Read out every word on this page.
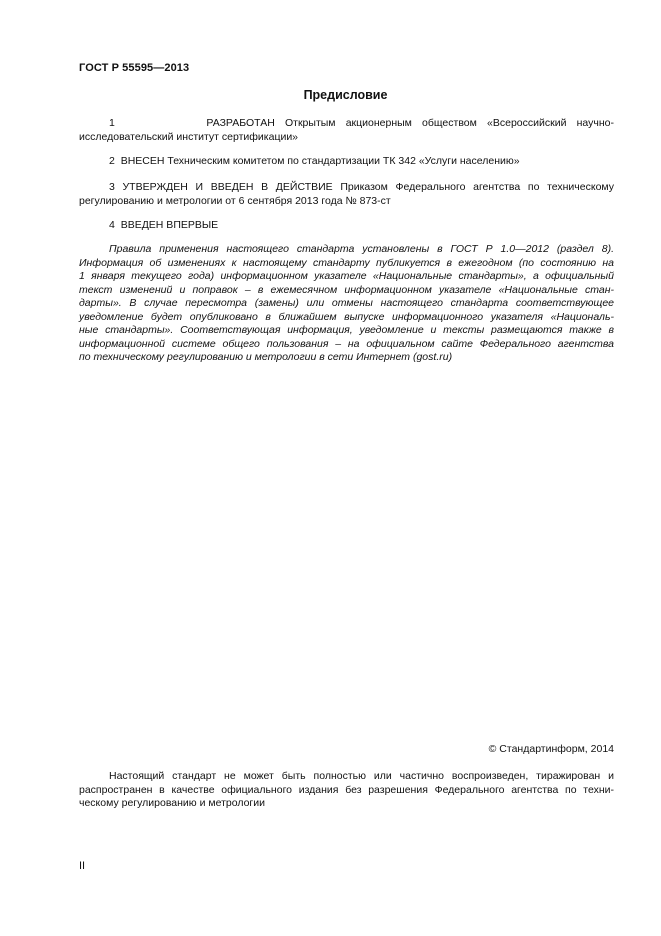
ГОСТ Р 55595—2013
Предисловие

1	РАЗРАБОТАН Открытым акционерным обществом «Всероссийский научно-

исследовательский институт сертификации»

2 ВНЕСЕН Техническим комитетом по стандартизации ТК 342 «Услуги населению»

3 УТВЕРЖДЕН И ВВЕДЕН В ДЕЙСТВИЕ Приказом Федерального агентства по техническому

регулированию и метрологии от 6 сентября 2013 года № 873-ст

4 ВВЕДЕН ВПЕРВЫЕ

Правила применения настоящего стандарта установлены в ГОСТ Р 1.0—2012 (раздел 8).

Информация об изменениях к настоящему стандарту публикуется в ежегодном (по состоянию на

1 января текущего года) информационном указателе «Национальные стандарты», а официальный

текст изменений и поправок – в ежемесячном информационном указателе «Национальные стан-

дарты». В случае пересмотра (замены) или отмены настоящего стандарта соответствующее

уведомление будет опубликовано в ближайшем выпуске информационного указателя «Националь-

ные стандарты». Соответствующая информация, уведомление и тексты размещаются также в

информационной системе общего пользования – на официальном сайте Федерального агентства

по техническому регулированию и метрологии в сети Интернет (gost.ru)

© Стандартинформ, 2014

Настоящий стандарт не может быть полностью или частично воспроизведен, тиражирован и

распространен в качестве официального издания без разрешения Федерального агентства по техни-

ческому регулированию и метрологии

II
